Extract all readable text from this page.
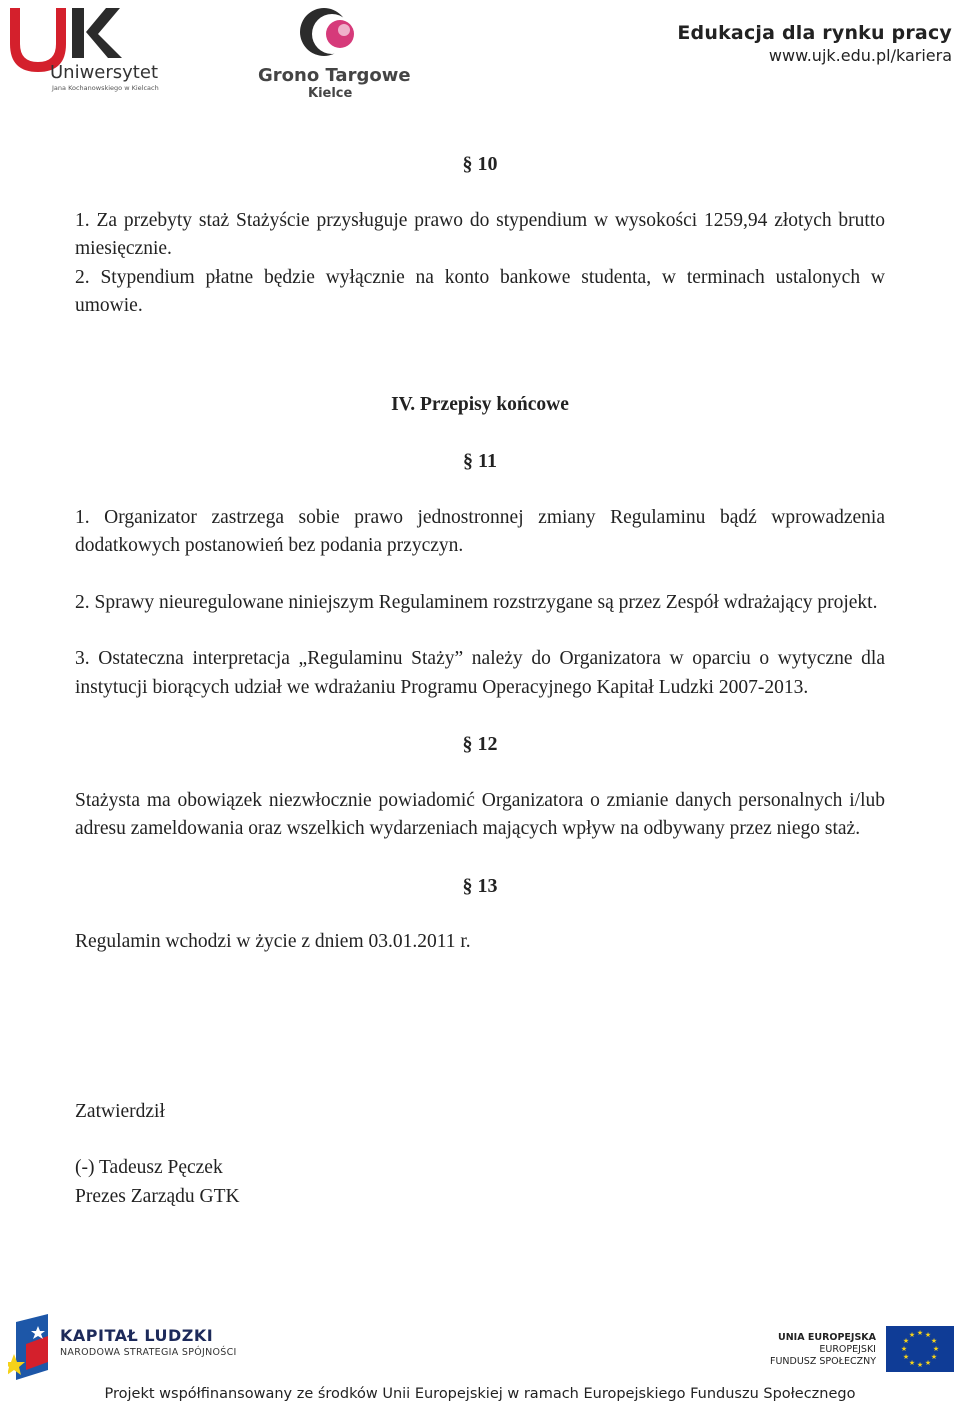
Uniwersytet
Jana Kochanowskiego w Kielcach
Grono Targowe
Kielce
Edukacja dla rynku pracy
www.ujk.edu.pl/kariera

§ 10

1. Za przebyty staż Stażyście przysługuje prawo do stypendium w wysokości 1259,94 złotych brutto miesięcznie.

2. Stypendium płatne będzie wyłącznie na konto bankowe studenta, w terminach ustalonych w umowie.

IV. Przepisy końcowe

§ 11

1. Organizator zastrzega sobie prawo jednostronnej zmiany Regulaminu bądź wprowadzenia dodatkowych postanowień bez podania przyczyn.

2. Sprawy nieuregulowane niniejszym Regulaminem rozstrzygane są przez Zespół wdrażający projekt.

3. Ostateczna interpretacja „Regulaminu Staży” należy do Organizatora w oparciu o wytyczne dla instytucji biorących udział we wdrażaniu Programu Operacyjnego Kapitał Ludzki 2007-2013.

§ 12

Stażysta ma obowiązek niezwłocznie powiadomić Organizatora o zmianie danych personalnych i/lub adresu zameldowania oraz wszelkich wydarzeniach mających wpływ na odbywany przez niego staż.

§ 13

Regulamin wchodzi w życie z dniem 03.01.2011 r.

Zatwierdził

(-) Tadeusz Pęczek

Prezes Zarządu GTK

KAPITAŁ LUDZKI
NARODOWA STRATEGIA SPÓJNOŚCI
UNIA EUROPEJSKA
EUROPEJSKI
FUNDUSZ SPOŁECZNY
★ ★
★
★
★
★
★
★
★
★
★
★
Projekt współfinansowany ze środków Unii Europejskiej w ramach Europejskiego Funduszu Społecznego
